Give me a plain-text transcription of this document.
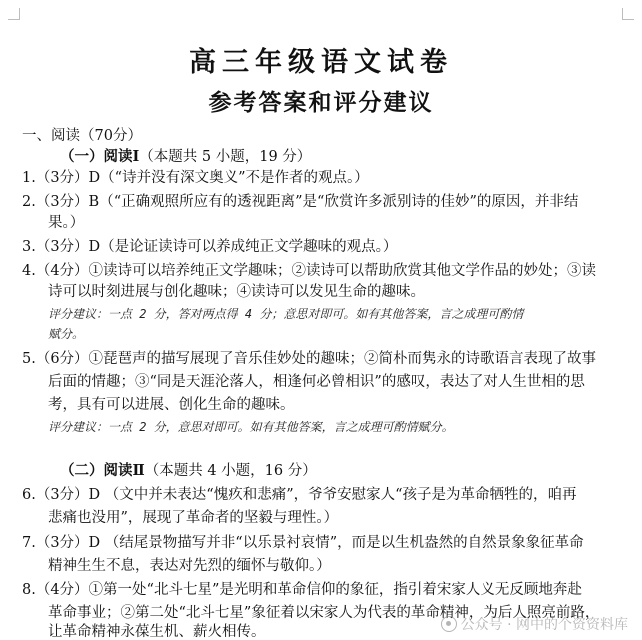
高三年级语文试卷
参考答案和评分建议
一、阅读（70分）
（一）阅读Ⅰ（本题共 5 小题，19 分）
1.（3分）D（“诗并没有深文奥义”不是作者的观点。）
2.（3分）B（“正确观照所应有的透视距离”是“欣赏许多派别诗的佳妙”的原因，并非结
果。）
3.（3分）D（是论证读诗可以养成纯正文学趣味的观点。）
4.（4分）①读诗可以培养纯正文学趣味；②读诗可以帮助欣赏其他文学作品的妙处；③读
诗可以时刻进展与创化趣味；④读诗可以发见生命的趣味。
评分建议：一点 2 分，答对两点得 4 分；意思对即可。如有其他答案，言之成理可酌情
赋分。
5.（6分）①琵琶声的描写展现了音乐佳妙处的趣味；②简朴而隽永的诗歌语言表现了故事
后面的情趣；③“同是天涯沦落人，相逢何必曾相识”的感叹，表达了对人生世相的思
考，具有可以进展、创化生命的趣味。
评分建议：一点 2 分，意思对即可。如有其他答案，言之成理可酌情赋分。
（二）阅读Ⅱ（本题共 4 小题，16 分）
6.（3分）D （文中并未表达“愧疚和悲痛”，爷爷安慰家人“孩子是为革命牺牲的，咱再
悲痛也没用”，展现了革命者的坚毅与理性。）
7.（3分）D （结尾景物描写并非“以乐景衬哀情”，而是以生机盎然的自然景象象征革命
精神生生不息，表达对先烈的缅怀与敬仰。）
8.（4分）①第一处“北斗七星”是光明和革命信仰的象征，指引着宋家人义无反顾地奔赴
革命事业；②第二处“北斗七星”象征着以宋家人为代表的革命精神，为后人照亮前路，
让革命精神永葆生机、薪火相传。	公众号 · 网中的个资资料库
